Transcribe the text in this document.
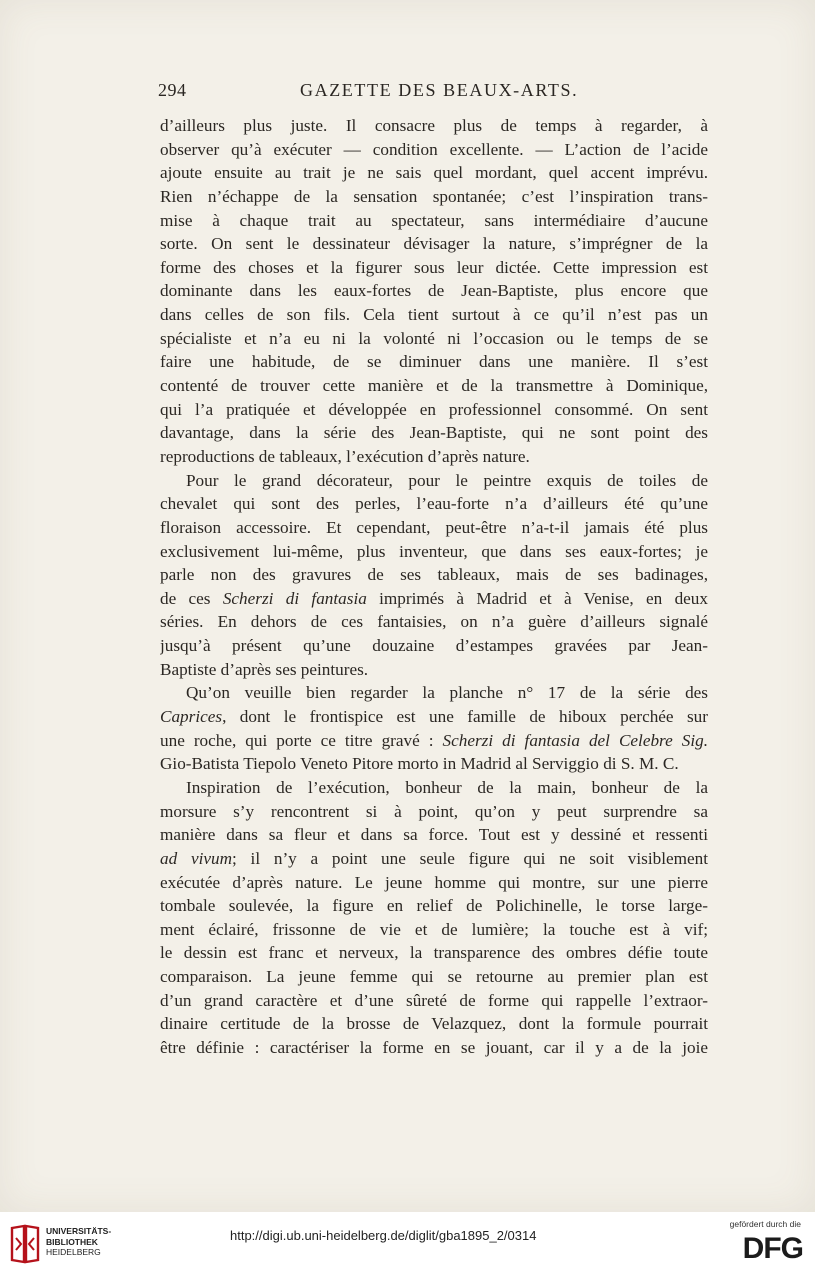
294	GAZETTE DES BEAUX-ARTS.
d’ailleurs plus juste. Il consacre plus de temps à regarder, à
observer qu’à exécuter — condition excellente. — L’action de l’acide
ajoute ensuite au trait je ne sais quel mordant, quel accent imprévu.
Rien n’échappe de la sensation spontanée; c’est l’inspiration trans-
mise à chaque trait au spectateur, sans intermédiaire d’aucune
sorte. On sent le dessinateur dévisager la nature, s’imprégner de la
forme des choses et la figurer sous leur dictée. Cette impression est
dominante dans les eaux-fortes de Jean-Baptiste, plus encore que
dans celles de son fils. Cela tient surtout à ce qu’il n’est pas un
spécialiste et n’a eu ni la volonté ni l’occasion ou le temps de se
faire une habitude, de se diminuer dans une manière. Il s’est
contenté de trouver cette manière et de la transmettre à Dominique,
qui l’a pratiquée et développée en professionnel consommé. On sent
davantage, dans la série des Jean-Baptiste, qui ne sont point des
reproductions de tableaux, l’exécution d’après nature.
Pour le grand décorateur, pour le peintre exquis de toiles de
chevalet qui sont des perles, l’eau-forte n’a d’ailleurs été qu’une
floraison accessoire. Et cependant, peut-être n’a-t-il jamais été plus
exclusivement lui-même, plus inventeur, que dans ses eaux-fortes; je
parle non des gravures de ses tableaux, mais de ses badinages,
de ces Scherzi di fantasia imprimés à Madrid et à Venise, en deux
séries. En dehors de ces fantaisies, on n’a guère d’ailleurs signalé
jusqu’à présent qu’une douzaine d’estampes gravées par Jean-
Baptiste d’après ses peintures.
Qu’on veuille bien regarder la planche n° 17 de la série des
Caprices, dont le frontispice est une famille de hiboux perchée sur
une roche, qui porte ce titre gravé : Scherzi di fantasia del Celebre Sig.
Gio-Batista Tiepolo Veneto Pitore morto in Madrid al Serviggio di S. M. C.
Inspiration de l’exécution, bonheur de la main, bonheur de la
morsure s’y rencontrent si à point, qu’on y peut surprendre sa
manière dans sa fleur et dans sa force. Tout est y dessiné et ressenti
ad vivum; il n’y a point une seule figure qui ne soit visiblement
exécutée d’après nature. Le jeune homme qui montre, sur une pierre
tombale soulevée, la figure en relief de Polichinelle, le torse large-
ment éclairé, frissonne de vie et de lumière; la touche est à vif;
le dessin est franc et nerveux, la transparence des ombres défie toute
comparaison. La jeune femme qui se retourne au premier plan est
d’un grand caractère et d’une sûreté de forme qui rappelle l’extraor-
dinaire certitude de la brosse de Velazquez, dont la formule pourrait
être définie : caractériser la forme en se jouant, car il y a de la joie
UNIVERSITÄTS-
BIBLIOTHEK
HEIDELBERG
http://digi.ub.uni-heidelberg.de/diglit/gba1895_2/0314
gefördert durch die
DFG
